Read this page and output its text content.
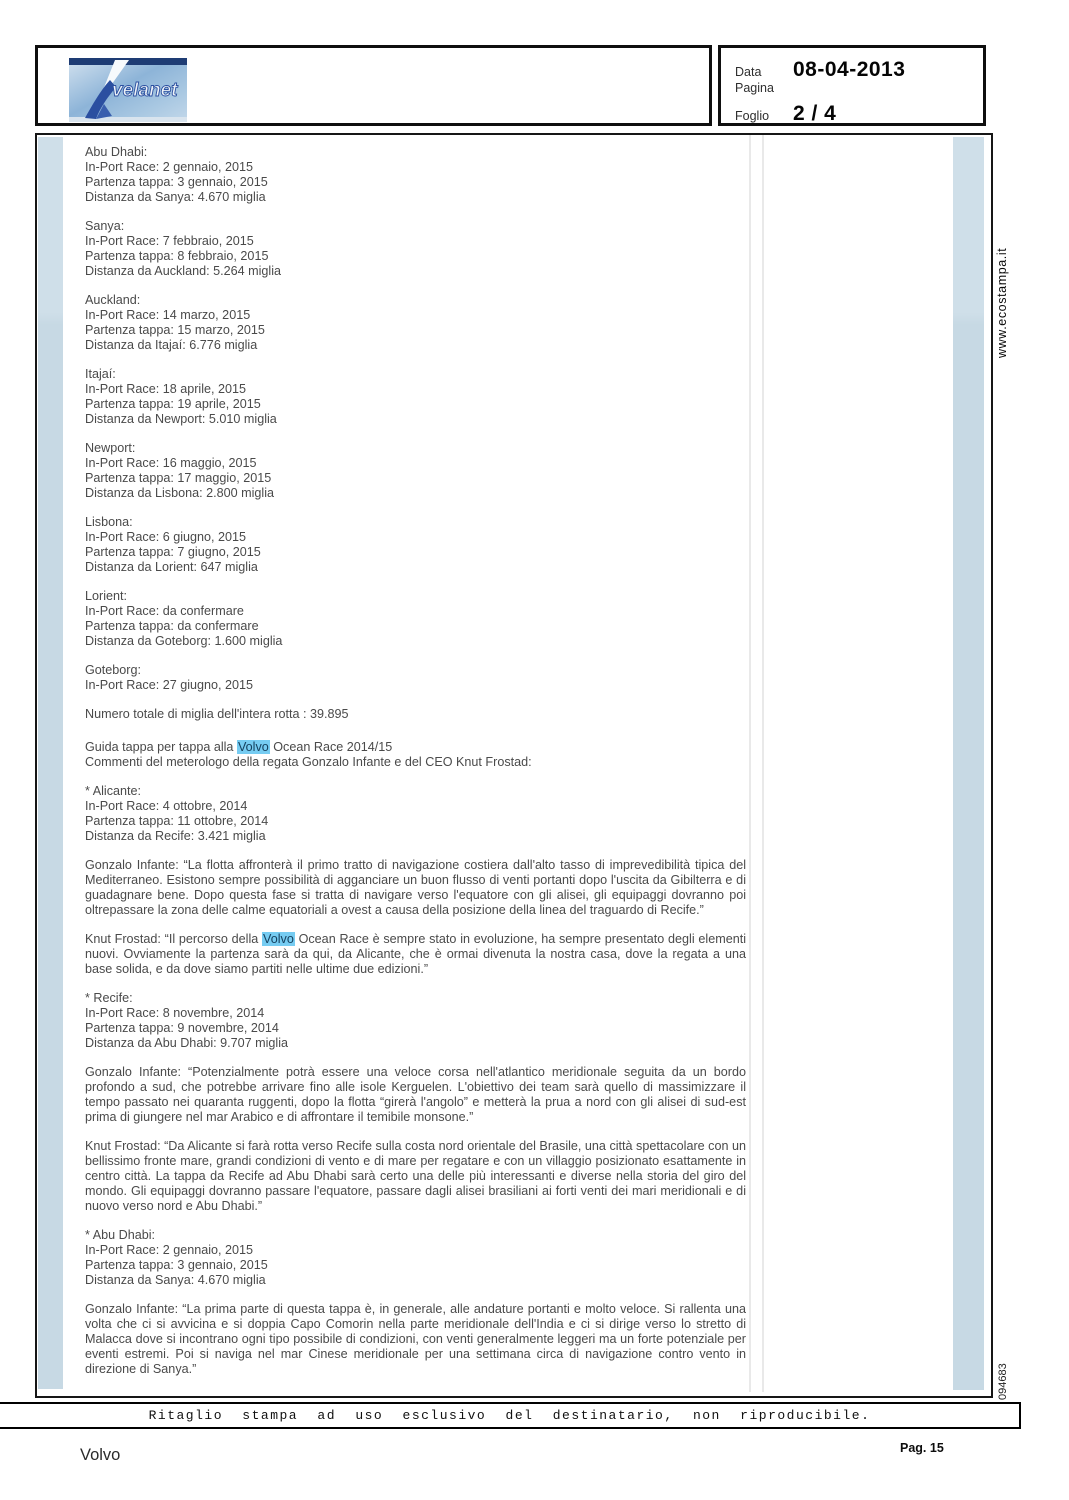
velanet
Data	08-04-2013
Pagina
Foglio	2 / 4
www.ecostampa.it
094683
Abu Dhabi:
In-Port Race: 2 gennaio, 2015
Partenza tappa: 3 gennaio, 2015
Distanza da Sanya: 4.670 miglia
Sanya:
In-Port Race: 7 febbraio, 2015
Partenza tappa: 8 febbraio, 2015
Distanza da Auckland: 5.264 miglia
Auckland:
In-Port Race: 14 marzo, 2015
Partenza tappa: 15 marzo, 2015
Distanza da Itajaí: 6.776 miglia
Itajaí:
In-Port Race: 18 aprile, 2015
Partenza tappa: 19 aprile, 2015
Distanza da Newport: 5.010 miglia
Newport:
In-Port Race: 16 maggio, 2015
Partenza tappa: 17 maggio, 2015
Distanza da Lisbona: 2.800 miglia
Lisbona:
In-Port Race: 6 giugno, 2015
Partenza tappa: 7 giugno, 2015
Distanza da Lorient: 647 miglia
Lorient:
In-Port Race: da confermare
Partenza tappa: da confermare
Distanza da Goteborg: 1.600 miglia
Goteborg:
In-Port Race: 27 giugno, 2015
Numero totale di miglia dell'intera rotta : 39.895
Guida tappa per tappa alla Volvo Ocean Race 2014/15
Commenti del meterologo della regata Gonzalo Infante e del CEO Knut Frostad:
* Alicante:
In-Port Race: 4 ottobre, 2014
Partenza tappa: 11 ottobre, 2014
Distanza da Recife: 3.421 miglia
Gonzalo Infante: “La flotta affronterà il primo tratto di navigazione costiera dall'alto tasso di imprevedibilità tipica del Mediterraneo. Esistono sempre possibilità di agganciare un buon flusso di venti portanti dopo l'uscita da Gibilterra e di guadagnare bene. Dopo questa fase si tratta di navigare verso l'equatore con gli alisei, gli equipaggi dovranno poi oltrepassare la zona delle calme equatoriali a ovest a causa della posizione della linea del traguardo di Recife.”
Knut Frostad: “Il percorso della Volvo Ocean Race è sempre stato in evoluzione, ha sempre presentato degli elementi nuovi. Ovviamente la partenza sarà da qui, da Alicante, che è ormai divenuta la nostra casa, dove la regata a una base solida, e da dove siamo partiti nelle ultime due edizioni.”
* Recife:
In-Port Race: 8 novembre, 2014
Partenza tappa: 9 novembre, 2014
Distanza da Abu Dhabi: 9.707 miglia
Gonzalo Infante: “Potenzialmente potrà essere una veloce corsa nell'atlantico meridionale seguita da un bordo profondo a sud, che potrebbe arrivare fino alle isole Kerguelen. L'obiettivo dei team sarà quello di massimizzare il tempo passato nei quaranta ruggenti, dopo la flotta “girerà l'angolo” e metterà la prua a nord con gli alisei di sud-est prima di giungere nel mar Arabico e di affrontare il temibile monsone.”
Knut Frostad: “Da Alicante si farà rotta verso Recife sulla costa nord orientale del Brasile, una città spettacolare con un bellissimo fronte mare, grandi condizioni di vento e di mare per regatare e con un villaggio posizionato esattamente in centro città. La tappa da Recife ad Abu Dhabi sarà certo una delle più interessanti e diverse nella storia del giro del mondo. Gli equipaggi dovranno passare l'equatore, passare dagli alisei brasiliani ai forti venti dei mari meridionali e di nuovo verso nord e Abu Dhabi.”
* Abu Dhabi:
In-Port Race: 2 gennaio, 2015
Partenza tappa: 3 gennaio, 2015
Distanza da Sanya: 4.670 miglia
Gonzalo Infante: “La prima parte di questa tappa è, in generale, alle andature portanti e molto veloce. Si rallenta una volta che ci si avvicina e si doppia Capo Comorin nella parte meridionale dell'India e ci si dirige verso lo stretto di Malacca dove si incontrano ogni tipo possibile di condizioni, con venti generalmente leggeri ma un forte potenziale per eventi estremi. Poi si naviga nel mar Cinese meridionale per una settimana circa di navigazione contro vento in direzione di Sanya.”
Ritaglio stampa ad uso esclusivo del destinatario, non riproducibile.
Volvo	Pag. 15
